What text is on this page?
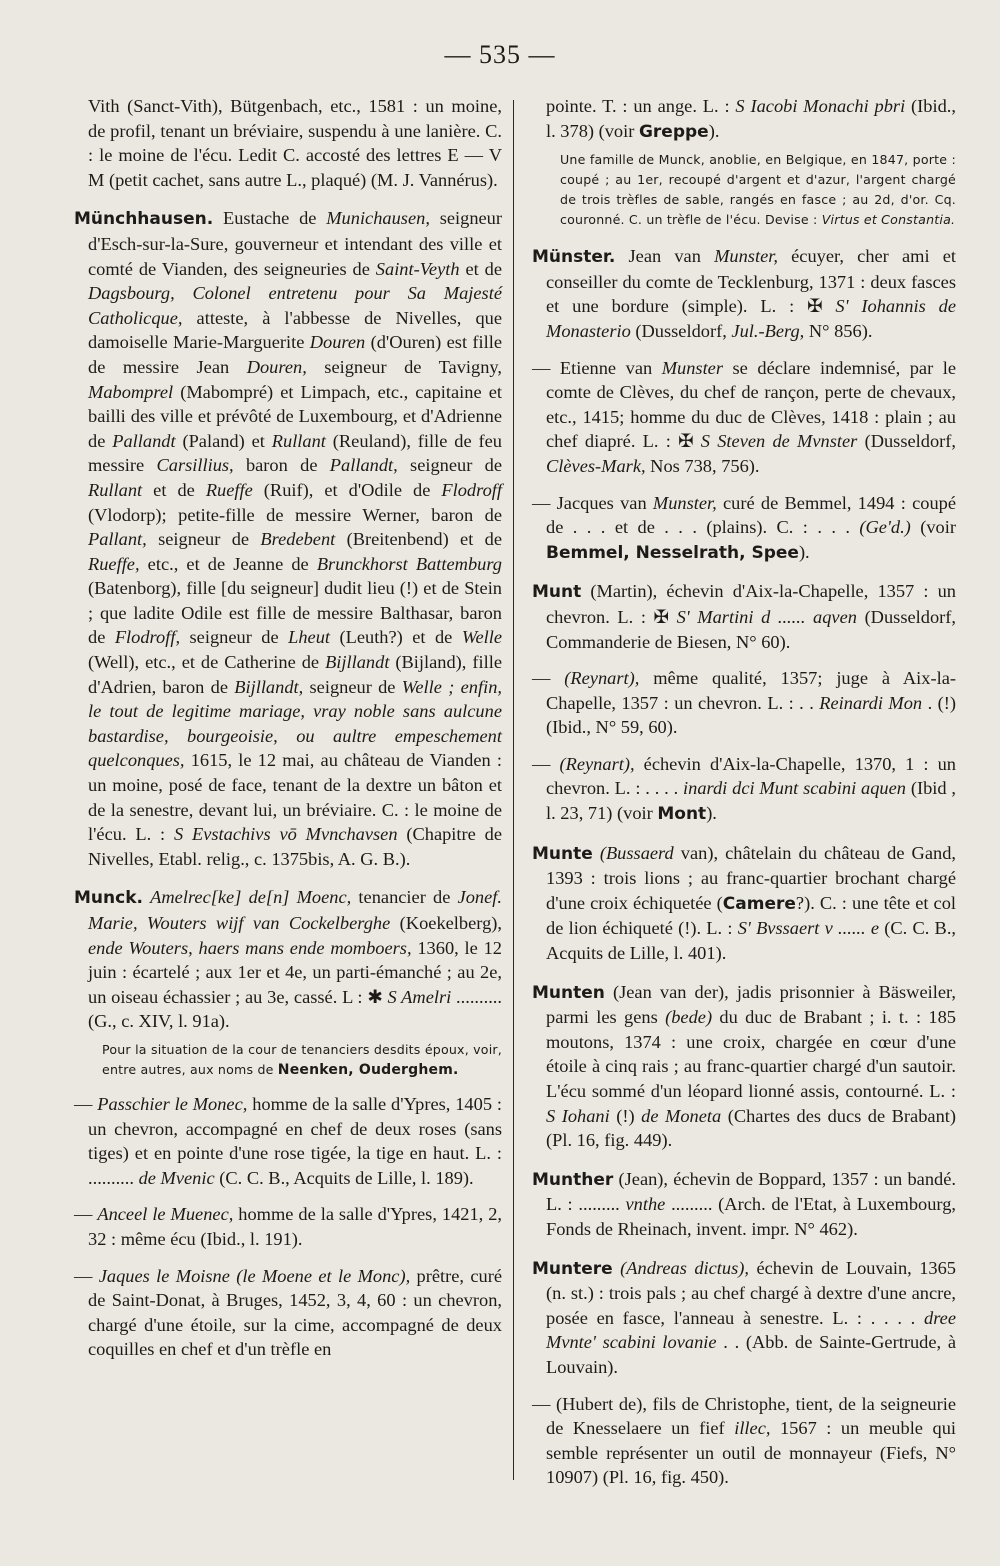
— 535 —

Vith (Sanct-Vith), Bütgenbach, etc., 1581 : un moine, de profil, tenant un bréviaire, suspendu à une lanière. C. : le moine de l'écu. Ledit C. accosté des lettres E — V M (petit cachet, sans autre L., plaqué) (M. J. Vannérus).

Münchhausen. Eustache de Munichausen, seigneur d'Esch-sur-la-Sure, gouverneur et intendant des ville et comté de Vianden, des seigneuries de Saint-Veyth et de Dagsbourg, Colonel entretenu pour Sa Majesté Catholicque, atteste, à l'abbesse de Nivelles, que damoiselle Marie-Marguerite Douren (d'Ouren) est fille de messire Jean Douren, seigneur de Tavigny, Mabomprel (Mabompré) et Limpach, etc., capitaine et bailli des ville et prévôté de Luxembourg, et d'Adrienne de Pallandt (Paland) et Rullant (Reuland), fille de feu messire Carsillius, baron de Pallandt, seigneur de Rullant et de Rueffe (Ruif), et d'Odile de Flodroff (Vlodorp); petite-fille de messire Werner, baron de Pallant, seigneur de Bredebent (Breitenbend) et de Rueffe, etc., et de Jeanne de Brunckhorst Battemburg (Batenborg), fille [du seigneur] dudit lieu (!) et de Stein ; que ladite Odile est fille de messire Balthasar, baron de Flodroff, seigneur de Lheut (Leuth?) et de Welle (Well), etc., et de Catherine de Bijllandt (Bijland), fille d'Adrien, baron de Bijllandt, seigneur de Welle ; enfin, le tout de legitime mariage, vray noble sans aulcune bastardise, bourgeoisie, ou aultre empeschement quelconques, 1615, le 12 mai, au château de Vianden : un moine, posé de face, tenant de la dextre un bâton et de la senestre, devant lui, un bréviaire. C. : le moine de l'écu. L. : S Evstachivs vō Mvnchavsen (Chapitre de Nivelles, Etabl. relig., c. 1375bis, A. G. B.).

Munck. Amelrec[ke] de[n] Moenc, tenancier de Jonef. Marie, Wouters wijf van Cockelberghe (Koekelberg), ende Wouters, haers mans ende momboers, 1360, le 12 juin : écartelé ; aux 1er et 4e, un parti-émanché ; au 2e, un oiseau échassier ; au 3e, cassé. L : ✱ S Amelri .......... (G., c. XIV, l. 91a).

Pour la situation de la cour de tenanciers desdits époux, voir, entre autres, aux noms de Neenken, Ouderghem.

— Passchier le Monec, homme de la salle d'Ypres, 1405 : un chevron, accompagné en chef de deux roses (sans tiges) et en pointe d'une rose tigée, la tige en haut. L. : .......... de Mvenic (C. C. B., Acquits de Lille, l. 189).

— Anceel le Muenec, homme de la salle d'Ypres, 1421, 2, 32 : même écu (Ibid., l. 191).

— Jaques le Moisne (le Moene et le Monc), prêtre, curé de Saint-Donat, à Bruges, 1452, 3, 4, 60 : un chevron, chargé d'une étoile, sur la cime, accompagné de deux coquilles en chef et d'un trèfle en

pointe. T. : un ange. L. : S Iacobi Monachi pbri (Ibid., l. 378) (voir Greppe).

Une famille de Munck, anoblie, en Belgique, en 1847, porte : coupé ; au 1er, recoupé d'argent et d'azur, l'argent chargé de trois trèfles de sable, rangés en fasce ; au 2d, d'or. Cq. couronné. C. un trèfle de l'écu. Devise : Virtus et Constantia.

Münster. Jean van Munster, écuyer, cher ami et conseiller du comte de Tecklenburg, 1371 : deux fasces et une bordure (simple). L. : ✠ S' Iohannis de Monasterio (Dusseldorf, Jul.-Berg, N° 856).

— Etienne van Munster se déclare indemnisé, par le comte de Clèves, du chef de rançon, perte de chevaux, etc., 1415; homme du duc de Clèves, 1418 : plain ; au chef diapré. L. : ✠ S Steven de Mvnster (Dusseldorf, Clèves-Mark, Nos 738, 756).

— Jacques van Munster, curé de Bemmel, 1494 : coupé de . . . et de . . . (plains). C. : . . . (Ge'd.) (voir Bemmel, Nesselrath, Spee).

Munt (Martin), échevin d'Aix-la-Chapelle, 1357 : un chevron. L. : ✠ S' Martini d ...... aqven (Dusseldorf, Commanderie de Biesen, N° 60).

— (Reynart), même qualité, 1357; juge à Aix-la-Chapelle, 1357 : un chevron. L. : . . Reinardi Mon . (!) (Ibid., N° 59, 60).

— (Reynart), échevin d'Aix-la-Chapelle, 1370, 1 : un chevron. L. : . . . . inardi dci Munt scabini aquen (Ibid , l. 23, 71) (voir Mont).

Munte (Bussaerd van), châtelain du château de Gand, 1393 : trois lions ; au franc-quartier brochant chargé d'une croix échiquetée (Camere?). C. : une tête et col de lion échiqueté (!). L. : S' Bvssaert v ...... e (C. C. B., Acquits de Lille, l. 401).

Munten (Jean van der), jadis prisonnier à Bäsweiler, parmi les gens (bede) du duc de Brabant ; i. t. : 185 moutons, 1374 : une croix, chargée en cœur d'une étoile à cinq rais ; au franc-quartier chargé d'un sautoir. L'écu sommé d'un léopard lionné assis, contourné. L. : S Iohani (!) de Moneta (Chartes des ducs de Brabant) (Pl. 16, fig. 449).

Munther (Jean), échevin de Boppard, 1357 : un bandé. L. : ......... vnthe ......... (Arch. de l'Etat, à Luxembourg, Fonds de Rheinach, invent. impr. N° 462).

Muntere (Andreas dictus), échevin de Louvain, 1365 (n. st.) : trois pals ; au chef chargé à dextre d'une ancre, posée en fasce, l'anneau à senestre. L. : . . . . dree Mvnte' scabini lovanie . . (Abb. de Sainte-Gertrude, à Louvain).

— (Hubert de), fils de Christophe, tient, de la seigneurie de Knesselaere un fief illec, 1567 : un meuble qui semble représenter un outil de monnayeur (Fiefs, N° 10907) (Pl. 16, fig. 450).
